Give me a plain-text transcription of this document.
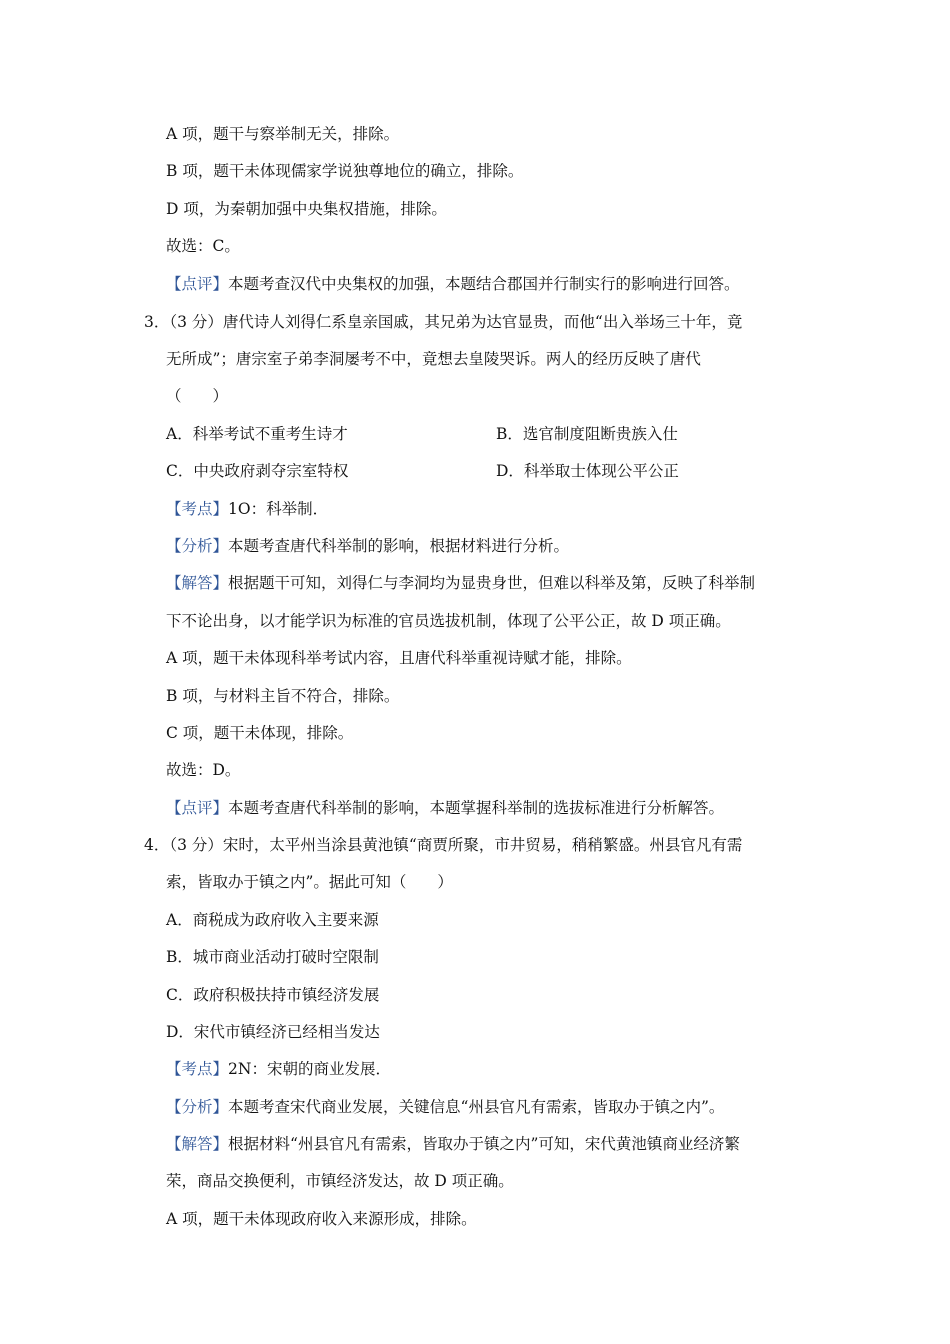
A 项，题干与察举制无关，排除。
B 项，题干未体现儒家学说独尊地位的确立，排除。
D 项，为秦朝加强中央集权措施，排除。
故选：C。
【点评】本题考查汉代中央集权的加强，本题结合郡国并行制实行的影响进行回答。
3．（3 分）唐代诗人刘得仁系皇亲国戚，其兄弟为达官显贵，而他“出入举场三十年，竟
无所成”；唐宗室子弟李洞屡考不中，竟想去皇陵哭诉。两人的经历反映了唐代
（　　）
A．科举考试不重考生诗才	B．选官制度阻断贵族入仕
C．中央政府剥夺宗室特权	D．科举取士体现公平公正
【考点】1O：科举制．
【分析】本题考查唐代科举制的影响，根据材料进行分析。
【解答】根据题干可知，刘得仁与李洞均为显贵身世，但难以科举及第，反映了科举制
下不论出身，以才能学识为标准的官员选拔机制，体现了公平公正，故 D 项正确。
A 项，题干未体现科举考试内容，且唐代科举重视诗赋才能，排除。
B 项，与材料主旨不符合，排除。
C 项，题干未体现，排除。
故选：D。
【点评】本题考查唐代科举制的影响，本题掌握科举制的选拔标准进行分析解答。
4．（3 分）宋时，太平州当涂县黄池镇“商贾所聚，市井贸易，稍稍繁盛。州县官凡有需
索，皆取办于镇之内”。据此可知（　　）
A．商税成为政府收入主要来源
B．城市商业活动打破时空限制
C．政府积极扶持市镇经济发展
D．宋代市镇经济已经相当发达
【考点】2N：宋朝的商业发展．
【分析】本题考查宋代商业发展，关键信息“州县官凡有需索，皆取办于镇之内”。
【解答】根据材料“州县官凡有需索，皆取办于镇之内”可知，宋代黄池镇商业经济繁
荣，商品交换便利，市镇经济发达，故 D 项正确。
A 项，题干未体现政府收入来源形成，排除。
